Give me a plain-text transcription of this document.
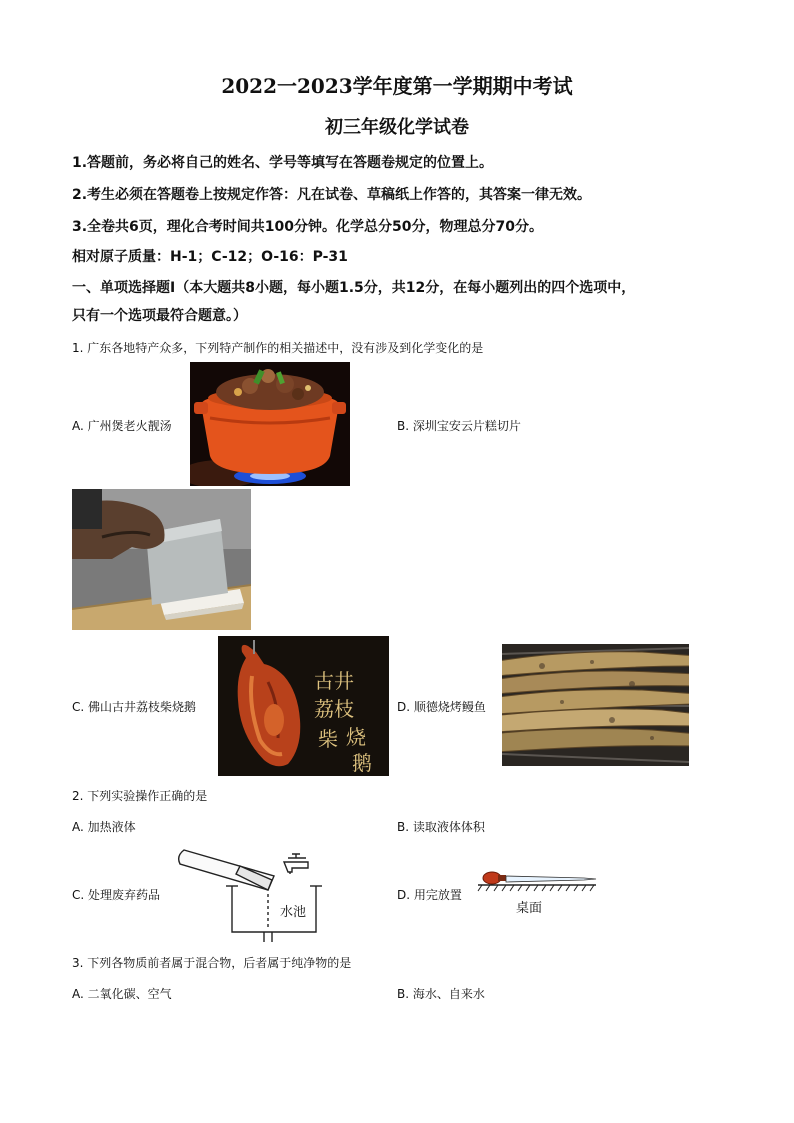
2022一2023学年度第一学期期中考试
初三年级化学试卷
1.答题前，务必将自己的姓名、学号等填写在答题卷规定的位置上。
2.考生必须在答题卷上按规定作答：凡在试卷、草稿纸上作答的，其答案一律无效。
3.全卷共6页，理化合考时间共100分钟。化学总分50分，物理总分70分。
相对原子质量：H-1；C-12；O-16：P-31
一、单项选择题Ⅰ（本大题共8小题，每小题1.5分，共12分，在每小题列出的四个选项中，
只有一个选项最符合题意。）
1. 广东各地特产众多，下列特产制作的相关描述中，没有涉及到化学变化的是
A. 广州煲老火靓汤	B. 深圳宝安云片糕切片
C. 佛山古井荔枝柴烧鹅
古井
荔枝
柴 烧
鹅
D. 顺德烧烤鳗鱼
2. 下列实验操作正确的是
A. 加热液体	B. 读取液体体积
C. 处理废弃药品
水池
D. 用完放置
桌面
3. 下列各物质前者属于混合物，后者属于纯净物的是
A. 二氧化碳、空气	B. 海水、自来水
